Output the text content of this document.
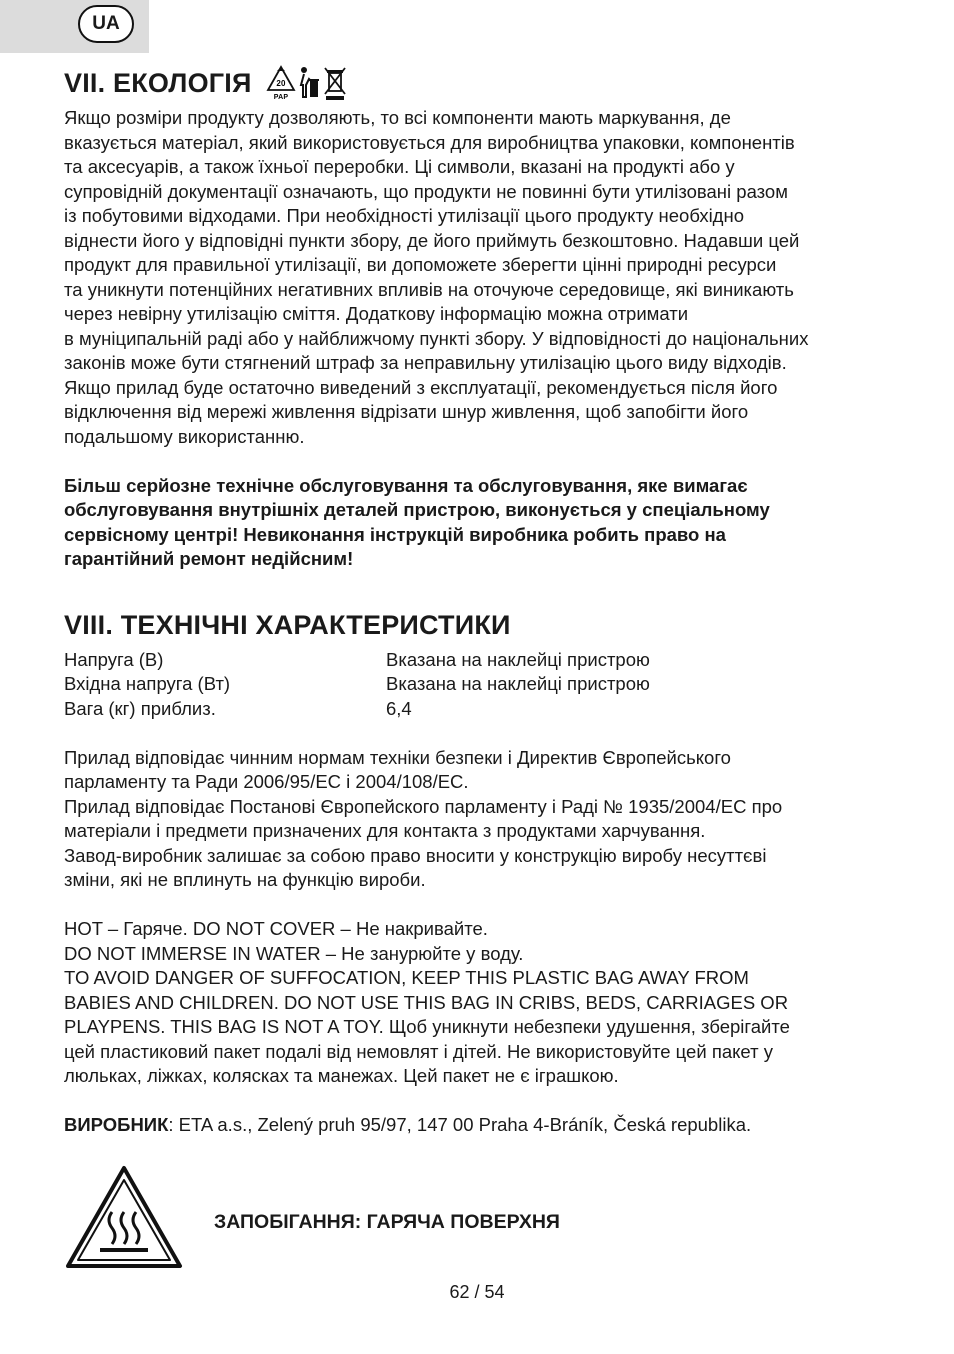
UA
VII. ЕКОЛОГІЯ	20
PAP

Якщо розміри продукту дозволяють, то всі компоненти мають маркування, де

вказується матеріал, який використовується для виробництва упаковки, компонентів

та аксесуарів, а також їхньої переробки. Ці символи, вказані на продукті або у

супровідній документації означають, що продукти не повинні бути утилізовані разом

із побутовими відходами. При необхідності утилізації цього продукту необхідно

віднести його у відповідні пункти збору, де його приймуть безкоштовно. Надавши цей

продукт для правильної утилізації, ви допоможете зберегти цінні природні ресурси

та уникнути потенційних негативних впливів на оточуюче середовище, які виникають

через невірну утилізацію сміття. Додаткову інформацію можна отримати

в муніципальній раді або у найближчому пункті збору. У відповідності до національних

законів може бути стягнений штраф за неправильну утилізацію цього виду відходів.

Якщо прилад буде остаточно виведений з експлуатації, рекомендується після його

відключення від мережі живлення відрізати шнур живлення, щоб запобігти його

подальшому використанню.

Більш серйозне технічне обслуговування та обслуговування, яке вимагає

обслуговування внутрішніх деталей пристрою, виконується у спеціальному

сервісному центрі! Невиконання інструкцій виробника робить право на

гарантійний ремонт недійсним!

VIII. ТЕХНІЧНІ ХАРАКТЕРИСТИКИ
Напруга (В)	Вказана на наклейці пристрою
Вхідна напруга (Вт)	Вказана на наклейці пристрою
Вага (кг) приблиз.	6,4

Прилад відповідає чинним нормам техніки безпеки і Директив Європейського

парламенту та Ради 2006/95/ЕС і 2004/108/ЕС.

Прилад відповідає Постанові Європейского парламенту і Раді № 1935/2004/ЕС про

матеріали і предмети призначених для контакта з продуктами харчування.

Завод-виробник залишає за собою право вносити у конструкцію виробу несуттєві

зміни, які не вплинуть на функцію вироби.

HOT – Гаряче. DO NOT COVER – Не накривайте.

DO NOT IMMERSE IN WATER – Не занурюйте у воду.

TO AVOID DANGER OF SUFFOCATION, KEEP THIS PLASTIC BAG AWAY FROM

BABIES AND CHILDREN. DO NOT USE THIS BAG IN CRIBS, BEDS, CARRIAGES OR

PLAYPENS. THIS BAG IS NOT A TOY. Щоб уникнути небезпеки удушення, зберігайте

цей пластиковий пакет подалі від немовлят і дітей. Не використовуйте цей пакет у

люльках, ліжках, колясках та манежах. Цей пакет не є іграшкою.

ВИРОБНИК: ETA a.s., Zelený pruh 95/97, 147 00 Praha 4-Bráník, Česká republika.

ЗАПОБІГАННЯ: ГАРЯЧА ПОВЕРХНЯ
62 / 54
